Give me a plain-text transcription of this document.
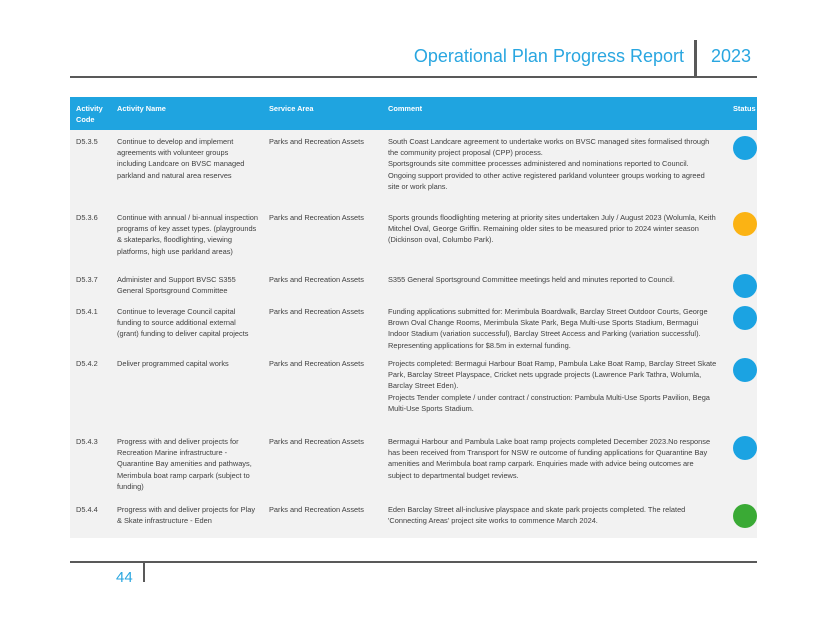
Operational Plan Progress Report 2023
Activity Code	Activity Name	Service Area	Comment	Status
D5.3.5	Continue to develop and implement agreements with volunteer groups including Landcare on BVSC managed parkland and natural area reserves	Parks and Recreation Assets	South Coast Landcare agreement to undertake works on BVSC managed sites formalised through the community project proposal (CPP) process.
Sportsgrounds site committee processes administered and nominations reported to Council. Ongoing support provided to other active registered parkland volunteer groups working to agreed site or work plans.	

D5.3.6	Continue with annual / bi-annual inspection programs of key asset types. (playgrounds & skateparks, floodlighting, viewing platforms, high use parkland areas)	Parks and Recreation Assets	Sports grounds floodlighting metering at priority sites undertaken July / August 2023 (Wolumla, Keith Mitchel Oval, George Griffin. Remaining older sites to be measured prior to 2024 winter season (Dickinson oval, Columbo Park).	

D5.3.7	Administer and Support BVSC S355 General Sportsground Committee	Parks and Recreation Assets	S355 General Sportsground Committee meetings held and minutes reported to Council.	

D5.4.1	Continue to leverage Council capital funding to source additional external (grant) funding to deliver capital projects	Parks and Recreation Assets	Funding applications submitted for: Merimbula Boardwalk, Barclay Street Outdoor Courts, George Brown Oval Change Rooms, Merimbula Skate Park, Bega Multi-use Sports Stadium, Bermagui Indoor Stadium (variation successful), Barclay Street Access and Parking (variation successful). Representing applications for $8.5m in external funding.	

D5.4.2	Deliver programmed capital works	Parks and Recreation Assets	Projects completed: Bermagui Harbour Boat Ramp, Pambula Lake Boat Ramp, Barclay Street Skate Park, Barclay Street Playspace, Cricket nets upgrade projects (Lawrence Park Tathra, Wolumla, Barclay Street Eden).
Projects Tender complete / under contract / construction: Pambula Multi-Use Sports Pavilion, Bega Multi-Use Sports Stadium.	

D5.4.3	Progress with and deliver projects for Recreation Marine infrastructure - Quarantine Bay amenities and pathways, Merimbula boat ramp carpark (subject to funding)	Parks and Recreation Assets	Bermagui Harbour and Pambula Lake boat ramp projects completed December 2023.No response has been received from Transport for NSW re outcome of funding applications for Quarantine Bay amenities and Merimbula boat ramp carpark. Enquiries made with advice being outcomes are subject to departmental budget reviews.	

D5.4.4	Progress with and deliver projects for Play & Skate infrastructure - Eden	Parks and Recreation Assets	Eden Barclay Street all-inclusive playspace and skate park projects completed. The related 'Connecting Areas' project site works to commence March 2024.	
44
